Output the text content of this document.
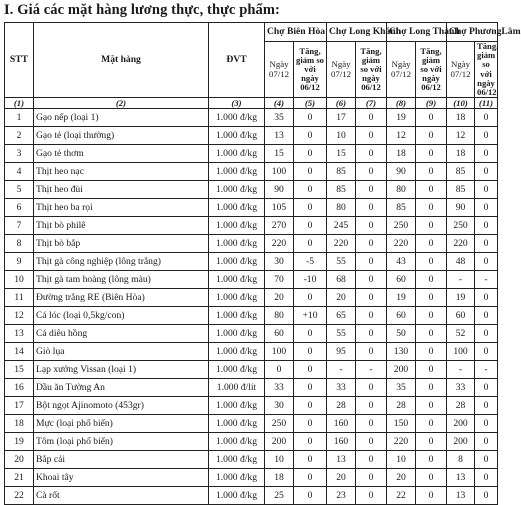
I. Giá các mặt hàng lương thực, thực phẩm:
STT	Mặt hàng	ĐVT	Chợ Biên Hòa		Chợ Long Khánh		Chợ Long Thành		Chợ PhươngLâm	
			Ngày 07/12	Tăng, giảm so với ngày 06/12	Ngày 07/12	Tăng, giảm so với ngày 06/12	Ngày 07/12	Tăng, giảm so với ngày 06/12	Ngày 07/12	Tăng, giảm so với ngày 06/12
(1)	(2)	(3)	(4)	(5)	(6)	(7)	(8)	(9)	(10)	(11)
1	Gạo nếp (loại 1)	1.000 đ/kg	35	0	17	0	19	0	18	0
2	Gạo tẻ (loại thường)	1.000 đ/kg	13	0	10	0	12	0	12	0
3	Gạo tẻ thơm	1.000 đ/kg	15	0	15	0	18	0	18	0
4	Thịt heo nạc	1.000 đ/kg	100	0	85	0	90	0	85	0
5	Thịt heo đùi	1.000 đ/kg	90	0	85	0	80	0	85	0
6	Thịt heo ba rọi	1.000 đ/kg	105	0	80	0	85	0	90	0
7	Thịt bò philê	1.000 đ/kg	270	0	245	0	250	0	250	0
8	Thịt bò bắp	1.000 đ/kg	220	0	220	0	220	0	220	0
9	Thịt gà công nghiệp (lông trắng)	1.000 đ/kg	30	-5	55	0	43	0	48	0
10	Thịt gà tam hoàng (lông màu)	1.000 đ/kg	70	-10	68	0	60	0	-	-
11	Đường trắng RE (Biên Hòa)	1.000 đ/kg	20	0	20	0	19	0	19	0
12	Cá lóc (loại 0,5kg/con)	1.000 đ/kg	80	+10	65	0	60	0	60	0
13	Cá diêu hồng	1.000 đ/kg	60	0	55	0	50	0	52	0
14	Giò lụa	1.000 đ/kg	100	0	95	0	130	0	100	0
15	Lạp xưởng Vissan (loại 1)	1.000 đ/kg	0	0	-	-	200	0	-	-
16	Dầu ăn Tường An	1.000 đ/lít	33	0	33	0	35	0	33	0
17	Bột ngọt Ajinomoto (453gr)	1.000 đ/kg	30	0	28	0	28	0	28	0
18	Mực (loại phổ biến)	1.000 đ/kg	250	0	160	0	150	0	200	0
19	Tôm (loại phổ biến)	1.000 đ/kg	200	0	160	0	220	0	200	0
20	Bắp cải	1.000 đ/kg	10	0	13	0	10	0	8	0
21	Khoai tây	1.000 đ/kg	18	0	20	0	20	0	13	0
22	Cà rốt	1.000 đ/kg	25	0	23	0	22	0	13	0
